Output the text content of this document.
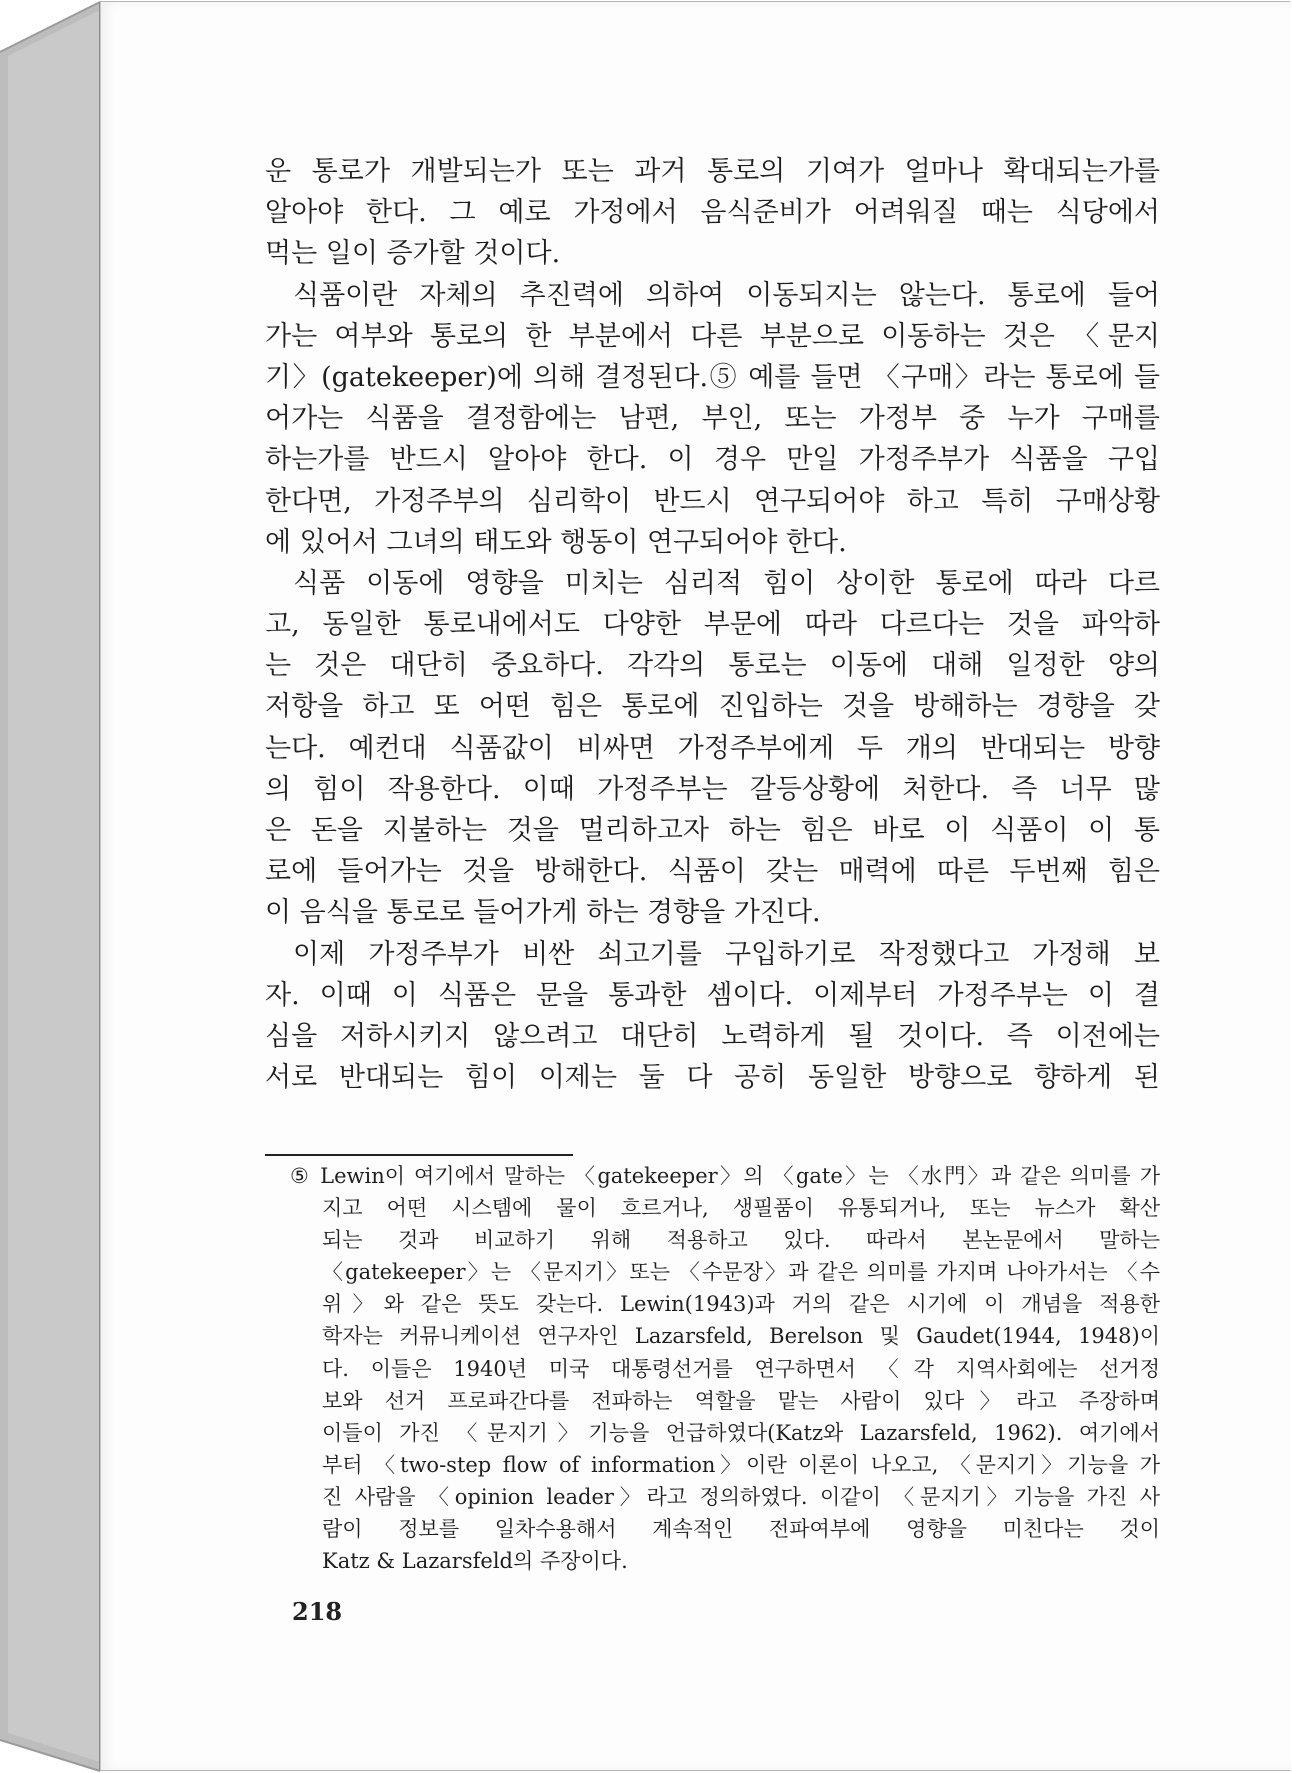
운 통로가 개발되는가 또는 과거 통로의 기여가 얼마나 확대되는가를
알아야 한다. 그 예로 가정에서 음식준비가 어려워질 때는 식당에서
먹는 일이 증가할 것이다.
식품이란 자체의 추진력에 의하여 이동되지는 않는다. 통로에 들어
가는 여부와 통로의 한 부분에서 다른 부분으로 이동하는 것은 〈문지
기〉(gatekeeper)에 의해 결정된다.⑤ 예를 들면 〈구매〉라는 통로에 들
어가는 식품을 결정함에는 남편, 부인, 또는 가정부 중 누가 구매를
하는가를 반드시 알아야 한다. 이 경우 만일 가정주부가 식품을 구입
한다면, 가정주부의 심리학이 반드시 연구되어야 하고 특히 구매상황
에 있어서 그녀의 태도와 행동이 연구되어야 한다.
식품 이동에 영향을 미치는 심리적 힘이 상이한 통로에 따라 다르
고, 동일한 통로내에서도 다양한 부문에 따라 다르다는 것을 파악하
는 것은 대단히 중요하다. 각각의 통로는 이동에 대해 일정한 양의
저항을 하고 또 어떤 힘은 통로에 진입하는 것을 방해하는 경향을 갖
는다. 예컨대 식품값이 비싸면 가정주부에게 두 개의 반대되는 방향
의 힘이 작용한다. 이때 가정주부는 갈등상황에 처한다. 즉 너무 많
은 돈을 지불하는 것을 멀리하고자 하는 힘은 바로 이 식품이 이 통
로에 들어가는 것을 방해한다. 식품이 갖는 매력에 따른 두번째 힘은
이 음식을 통로로 들어가게 하는 경향을 가진다.
이제 가정주부가 비싼 쇠고기를 구입하기로 작정했다고 가정해 보
자. 이때 이 식품은 문을 통과한 셈이다. 이제부터 가정주부는 이 결
심을 저하시키지 않으려고 대단히 노력하게 될 것이다. 즉 이전에는
서로 반대되는 힘이 이제는 둘 다 공히 동일한 방향으로 향하게 된
⑤ Lewin이 여기에서 말하는 〈gatekeeper〉의 〈gate〉는 〈水門〉과 같은 의미를 가
지고 어떤 시스템에 물이 흐르거나, 생필품이 유통되거나, 또는 뉴스가 확산
되는 것과 비교하기 위해 적용하고 있다. 따라서 본논문에서 말하는
〈gatekeeper〉는 〈문지기〉또는 〈수문장〉과 같은 의미를 가지며 나아가서는 〈수
위〉와 같은 뜻도 갖는다. Lewin(1943)과 거의 같은 시기에 이 개념을 적용한
학자는 커뮤니케이션 연구자인 Lazarsfeld, Berelson 및 Gaudet(1944, 1948)이
다. 이들은 1940년 미국 대통령선거를 연구하면서 〈각 지역사회에는 선거정
보와 선거 프로파간다를 전파하는 역할을 맡는 사람이 있다〉라고 주장하며
이들이 가진 〈문지기〉기능을 언급하였다(Katz와 Lazarsfeld, 1962). 여기에서
부터 〈two-step flow of information〉이란 이론이 나오고, 〈문지기〉기능을 가
진 사람을 〈opinion leader〉라고 정의하였다. 이같이 〈문지기〉기능을 가진 사
람이 정보를 일차수용해서 계속적인 전파여부에 영향을 미친다는 것이
Katz & Lazarsfeld의 주장이다.
218
